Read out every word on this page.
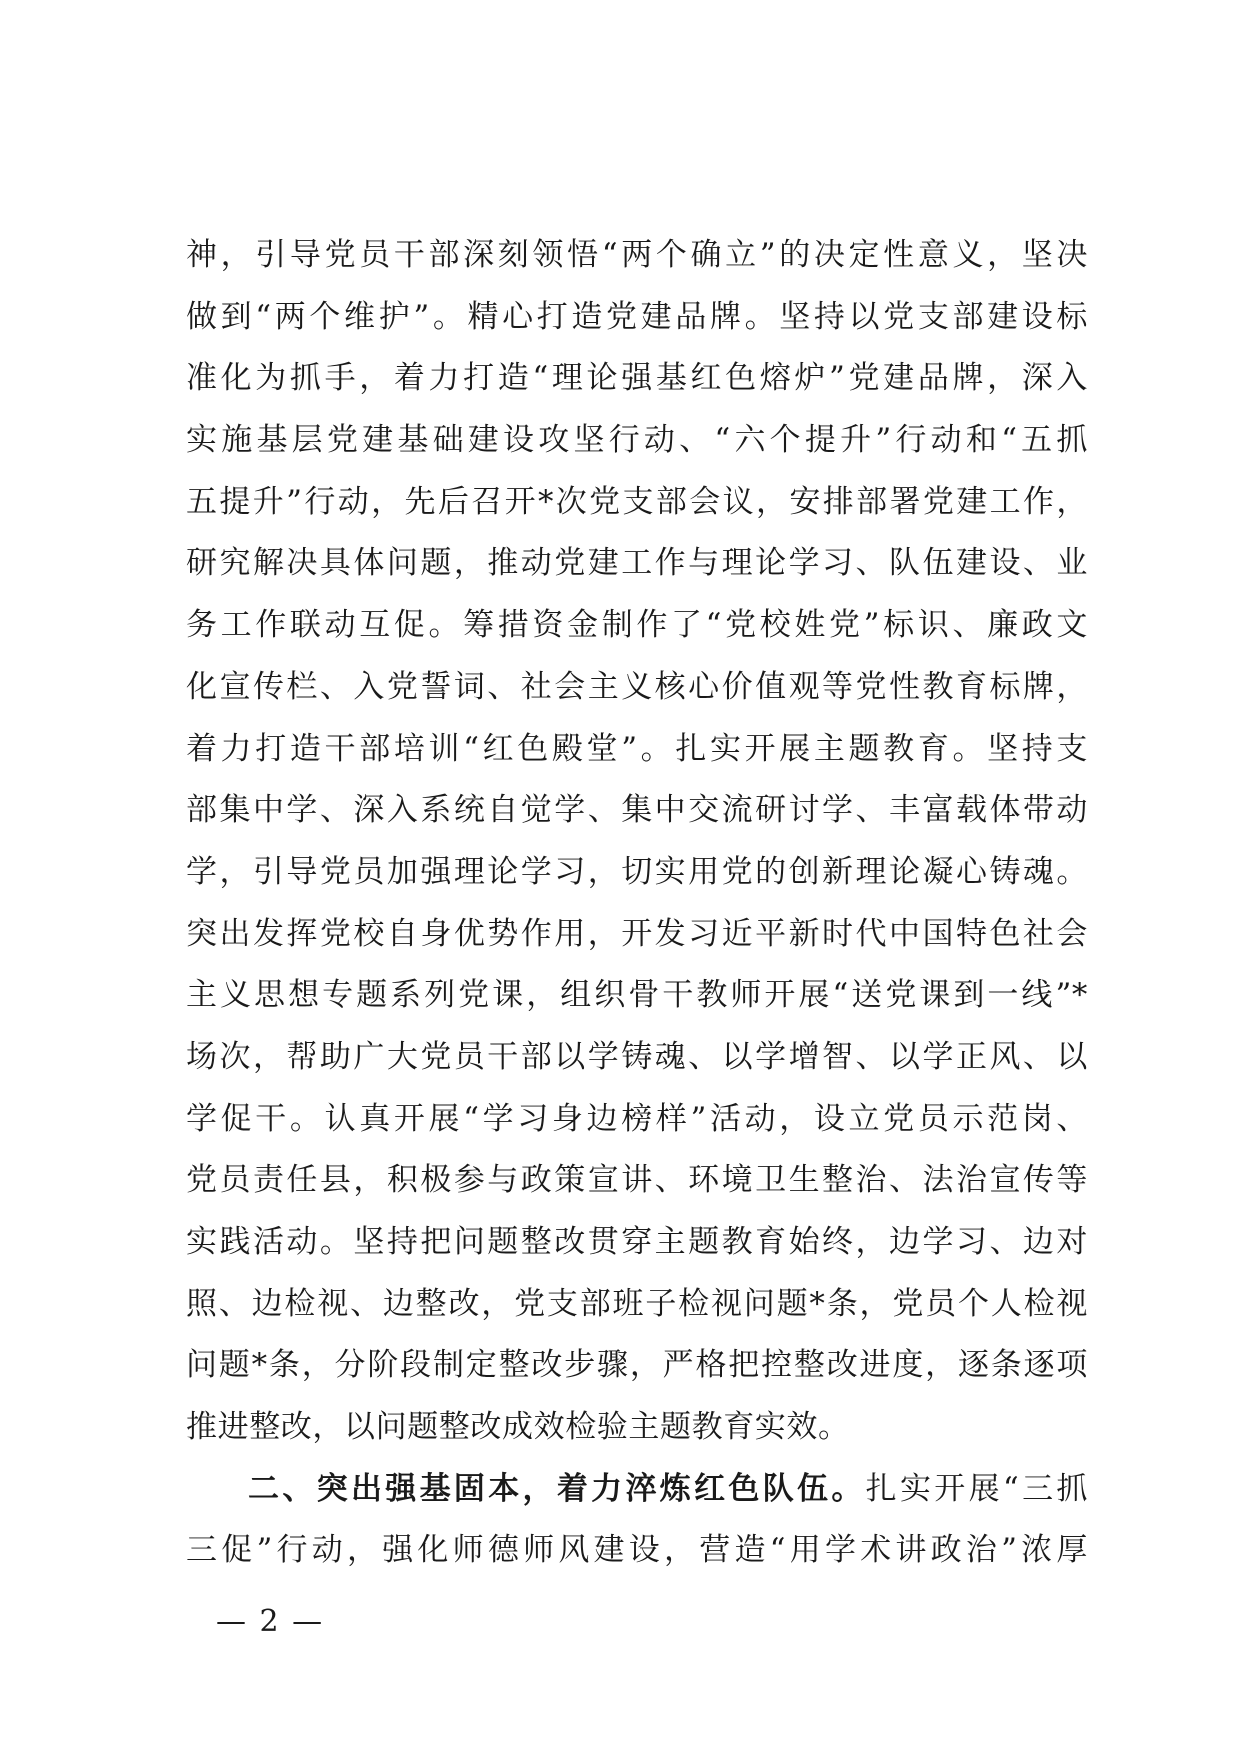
神，引导党员干部深刻领悟“两个确立”的决定性意义，坚决
做到“两个维护”。精心打造党建品牌。坚持以党支部建设标
准化为抓手，着力打造“理论强基红色熔炉”党建品牌，深入
实施基层党建基础建设攻坚行动、“六个提升”行动和“五抓
五提升”行动，先后召开*次党支部会议，安排部署党建工作，
研究解决具体问题，推动党建工作与理论学习、队伍建设、业
务工作联动互促。筹措资金制作了“党校姓党”标识、廉政文
化宣传栏、入党誓词、社会主义核心价值观等党性教育标牌，
着力打造干部培训“红色殿堂”。扎实开展主题教育。坚持支
部集中学、深入系统自觉学、集中交流研讨学、丰富载体带动
学，引导党员加强理论学习，切实用党的创新理论凝心铸魂。
突出发挥党校自身优势作用，开发习近平新时代中国特色社会
主义思想专题系列党课，组织骨干教师开展“送党课到一线”*
场次，帮助广大党员干部以学铸魂、以学增智、以学正风、以
学促干。认真开展“学习身边榜样”活动，设立党员示范岗、
党员责任县，积极参与政策宣讲、环境卫生整治、法治宣传等
实践活动。坚持把问题整改贯穿主题教育始终，边学习、边对
照、边检视、边整改，党支部班子检视问题*条，党员个人检视
问题*条，分阶段制定整改步骤，严格把控整改进度，逐条逐项
推进整改，以问题整改成效检验主题教育实效。
二、突出强基固本，着力淬炼红色队伍。扎实开展“三抓
三促”行动，强化师德师风建设，营造“用学术讲政治”浓厚
— 2 —
